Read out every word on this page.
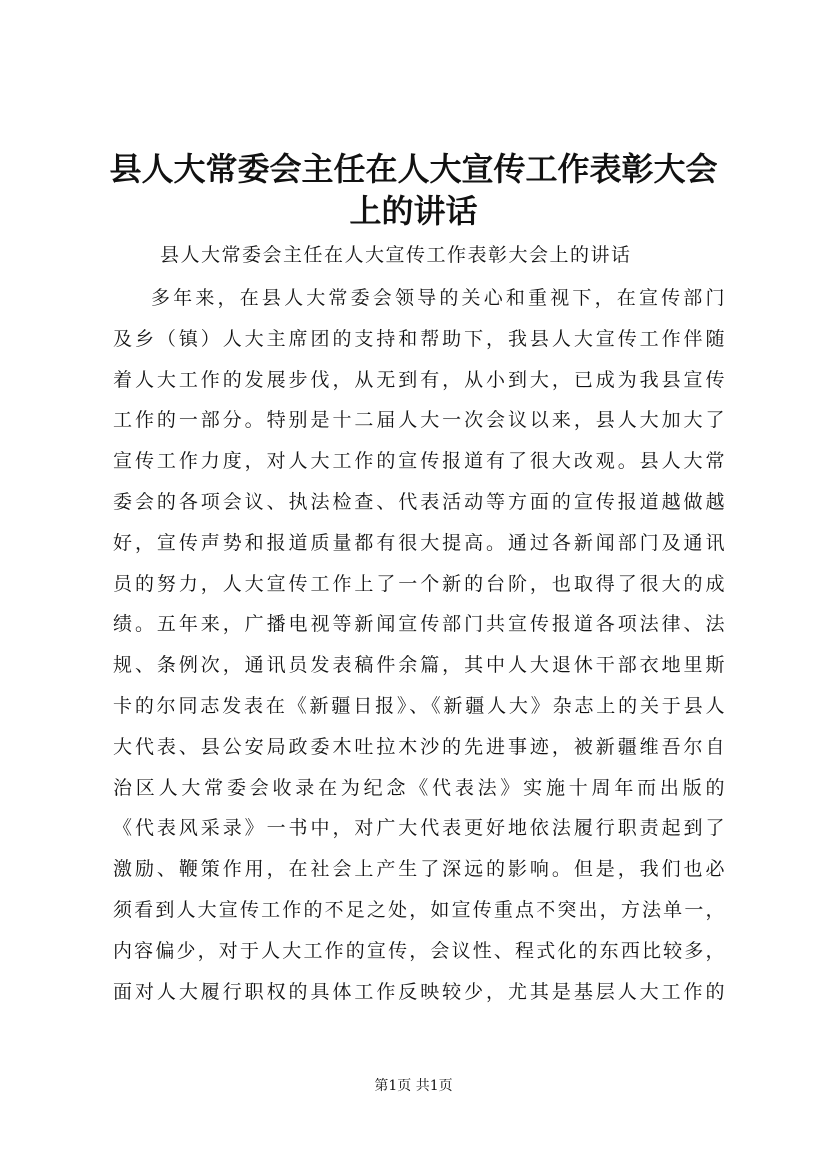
县人大常委会主任在人大宣传工作表彰大会上的讲话

县人大常委会主任在人大宣传工作表彰大会上的讲话

多年来，在县人大常委会领导的关心和重视下，在宣传部门
及乡（镇）人大主席团的支持和帮助下，我县人大宣传工作伴随
着人大工作的发展步伐，从无到有，从小到大，已成为我县宣传
工作的一部分。特别是十二届人大一次会议以来，县人大加大了
宣传工作力度，对人大工作的宣传报道有了很大改观。县人大常
委会的各项会议、执法检查、代表活动等方面的宣传报道越做越
好，宣传声势和报道质量都有很大提高。通过各新闻部门及通讯
员的努力，人大宣传工作上了一个新的台阶，也取得了很大的成
绩。五年来，广播电视等新闻宣传部门共宣传报道各项法律、法
规、条例次，通讯员发表稿件余篇，其中人大退休干部衣地里斯
卡的尔同志发表在《新疆日报》、《新疆人大》杂志上的关于县人
大代表、县公安局政委木吐拉木沙的先进事迹，被新疆维吾尔自
治区人大常委会收录在为纪念《代表法》实施十周年而出版的
《代表风采录》一书中，对广大代表更好地依法履行职责起到了
激励、鞭策作用，在社会上产生了深远的影响。但是，我们也必
须看到人大宣传工作的不足之处，如宣传重点不突出，方法单一，
内容偏少，对于人大工作的宣传，会议性、程式化的东西比较多，
面对人大履行职权的具体工作反映较少，尤其是基层人大工作的
第1页 共1页
